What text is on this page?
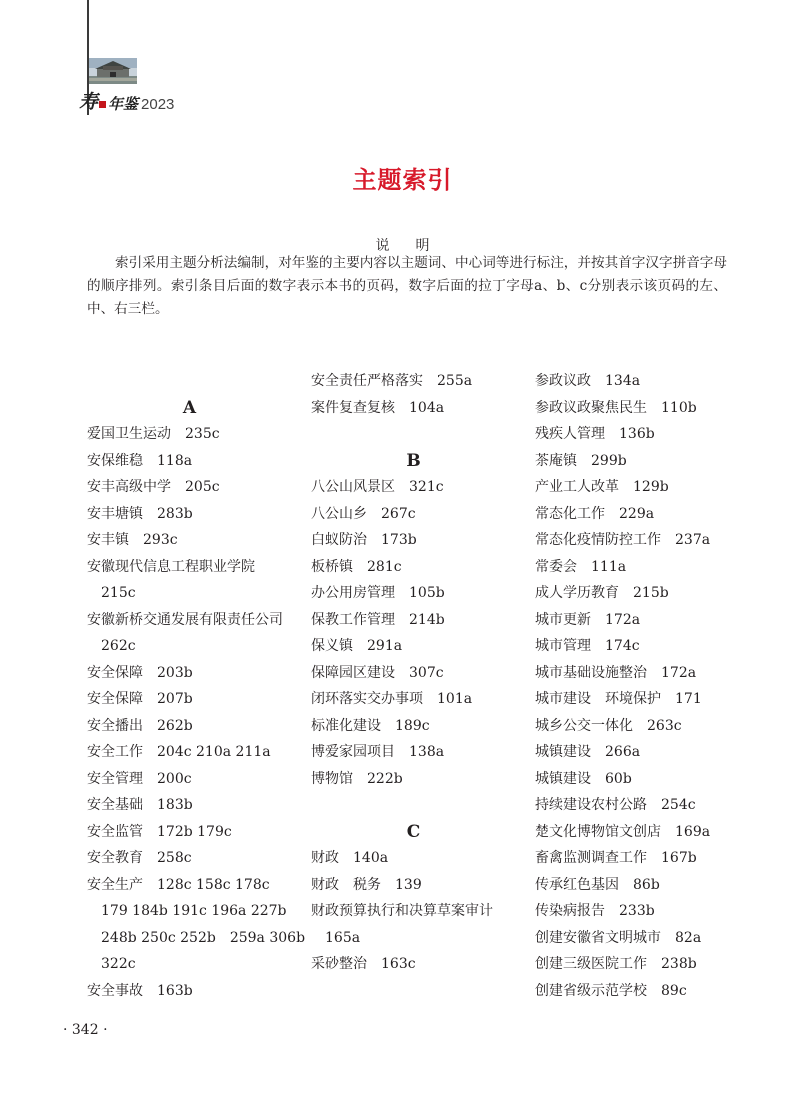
寿 年鉴 2023
主题索引
说明

索引采用主题分析法编制，对年鉴的主要内容以主题词、中心词等进行标注，并按其首字汉字拼音字母的顺序排列。索引条目后面的数字表示本书的页码，数字后面的拉丁字母a、b、c分别表示该页码的左、中、右三栏。

A
爱国卫生运动　235c
安保维稳　118a
安丰高级中学　205c
安丰塘镇　283b
安丰镇　293c
安徽现代信息工程职业学院
215c
安徽新桥交通发展有限责任公司
262c
安全保障　203b
安全保障　207b
安全播出　262b
安全工作　204c 210a 211a
安全管理　200c
安全基础　183b
安全监管　172b 179c
安全教育　258c
安全生产　128c 158c 178c
179 184b 191c 196a 227b
248b 250c 252b　259a 306b
322c
安全事故　163b
安全责任严格落实　255a
案件复查复核　104a
B
八公山风景区　321c
八公山乡　267c
白蚁防治　173b
板桥镇　281c
办公用房管理　105b
保教工作管理　214b
保义镇　291a
保障园区建设　307c
闭环落实交办事项　101a
标准化建设　189c
博爱家园项目　138a
博物馆　222b
C
财政　140a
财政　税务　139
财政预算执行和决算草案审计
165a
采砂整治　163c
参政议政　134a
参政议政聚焦民生　110b
残疾人管理　136b
茶庵镇　299b
产业工人改革　129b
常态化工作　229a
常态化疫情防控工作　237a
常委会　111a
成人学历教育　215b
城市更新　172a
城市管理　174c
城市基础设施整治　172a
城市建设　环境保护　171
城乡公交一体化　263c
城镇建设　266a
城镇建设　60b
持续建设农村公路　254c
楚文化博物馆文创店　169a
畜禽监测调查工作　167b
传承红色基因　86b
传染病报告　233b
创建安徽省文明城市　82a
创建三级医院工作　238b
创建省级示范学校　89c
· 342 ·
